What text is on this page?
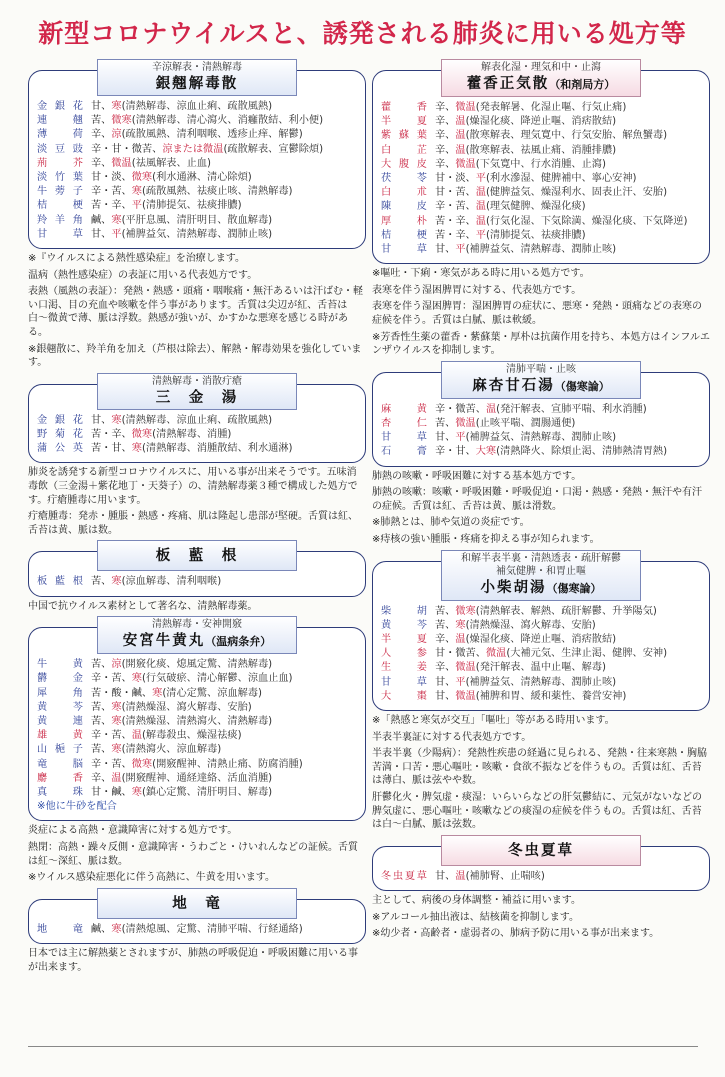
新型コロナウイルスと、誘発される肺炎に用いる処方等
辛涼解表・清熱解毒
銀翹解毒散
金銀花 甘、寒(清熱解毒、涼血止痢、疏散風熱)
連　翹 苦、微寒(清熱解毒、清心瀉火、消癰散結、利小便)
薄　荷 辛、涼(疏散風熱、清利咽喉、透疹止痒、解鬱)
淡豆豉 辛・甘・微苦、涼または微温(疏散解表、宣鬱除煩)
荊　芥 辛、微温(祛風解表、止血)
淡竹葉 甘・淡、微寒(利水通淋、清心除煩)
牛蒡子 辛・苦、寒(疏散風熱、祛痰止咳、清熱解毒)
桔　梗 苦・辛、平(清肺提気、祛痰排膿)
羚羊角 鹹、寒(平肝息風、清肝明目、散血解毒)
甘　草 甘、平(補脾益気、清熱解毒、潤肺止咳)
※『ウイルスによる熱性感染症』を治療します。
温病（熱性感染症）の表証に用いる代表処方です。
表熱（風熱の表証）：発熱・熱感・頭痛・咽喉痛・無汗あるいは汗ばむ・軽い口渇、目の充血や咳嗽を伴う事があります。舌質は尖辺が紅、舌苔は白〜微黄で薄、脈は浮数。熱感が強いが、かすかな悪寒を感じる時がある。
※銀翹散に、羚羊角を加え（芦根は除去）、解熱・解毒効果を強化しています。
清熱解毒・消散疔瘡
三　金　湯
金銀花 甘、寒(清熱解毒、涼血止痢、疏散風熱)
野菊花 苦・辛、微寒(清熱解毒、消腫)
蒲公英 苦・甘、寒(清熱解毒、消腫散結、利水通淋)
肺炎を誘発する新型コロナウイルスに、用いる事が出来そうです。五味消毒飲（三金湯＋紫花地丁・天葵子）の、清熱解毒薬３種で構成した処方です。疔瘡腫毒に用います。
疔瘡腫毒：発赤・腫脹・熱感・疼痛、肌は隆起し患部が堅硬。舌質は紅、舌苔は黄、脈は数。
板　藍　根
板藍根 苦、寒(涼血解毒、清利咽喉)
中国で抗ウイルス素材として著名な、清熱解毒薬。
清熱解毒・安神開竅
安宮牛黄丸（温病条弁）
牛　黄 苦、涼(開竅化痰、熄風定驚、清熱解毒)
欝　金 辛・苦、寒(行気破瘀、清心解鬱、涼血止血)
犀　角 苦・酸・鹹、寒(清心定驚、涼血解毒)
黄　芩 苦、寒(清熱燥湿、瀉火解毒、安胎)
黄　連 苦、寒(清熱燥湿、清熱瀉火、清熱解毒)
雄　黄 辛・苦、温(解毒殺虫、燥湿祛痰)
山梔子 苦、寒(清熱瀉火、涼血解毒)
竜　脳 辛・苦、微寒(開竅醒神、清熱止痛、防腐消腫)
麝　香 辛、温(開竅醒神、通経達絡、活血消腫)
真　珠 甘・鹹、寒(鎮心定驚、清肝明目、解毒)
※他に牛砂を配合
炎症による高熱・意識障害に対する処方です。
熱閉：高熱・躁々反側・意識障害・うわごと・けいれんなどの証候。舌質は紅〜深紅、脈は数。
※ウイルス感染症悪化に伴う高熱に、牛黄を用います。
地　竜
地　竜 鹹、寒(清熱熄風、定驚、清肺平喘、行経通絡)
日本では主に解熱薬とされますが、肺熱の呼吸促迫・呼吸困難に用いる事が出来ます。
解表化湿・理気和中・止瀉
藿香正気散（和剤局方）
藿　香 辛、微温(発表解暑、化湿止嘔、行気止痛)
半　夏 辛、温(燥湿化痰、降逆止嘔、消痞散結)
紫蘇葉 辛、温(散寒解表、理気寛中、行気安胎、解魚蟹毒)
白　芷 辛、温(散寒解表、祛風止痛、消腫排膿)
大腹皮 辛、微温(下気寛中、行水消腫、止瀉)
茯　苓 甘・淡、平(利水滲湿、健脾補中、寧心安神)
白　朮 甘・苦、温(健脾益気、燥湿利水、固表止汗、安胎)
陳　皮 辛・苦、温(理気健脾、燥湿化痰)
厚　朴 苦・辛、温(行気化湿、下気除満、燥湿化痰、下気降逆)
桔　梗 苦・辛、平(清肺提気、祛痰排膿)
甘　草 甘、平(補脾益気、清熱解毒、潤肺止咳)
※嘔吐・下痢・寒気がある時に用いる処方です。
表寒を伴う湿困脾胃に対する、代表処方です。
表寒を伴う湿困脾胃：湿困脾胃の症状に、悪寒・発熱・頭痛などの表寒の症候を伴う。舌質は白膩、脈は軟緩。
※芳香性生薬の藿香・紫蘇葉・厚朴は抗菌作用を持ち、本処方はインフルエンザウイルスを抑制します。
清肺平喘・止咳
麻杏甘石湯（傷寒論）
麻　黄 辛・微苦、温(発汗解表、宣肺平喘、利水消腫)
杏　仁 苦、微温(止咳平喘、潤腸通便)
甘　草 甘、平(補脾益気、清熱解毒、潤肺止咳)
石　膏 辛・甘、大寒(清熱降火、除煩止渇、清肺熱清胃熱)
肺熱の咳嗽・呼吸困難に対する基本処方です。
肺熱の咳嗽：咳嗽・呼吸困難・呼吸促迫・口渇・熱感・発熱・無汗や有汗の症候。舌質は紅、舌苔は黄、脈は滑数。
※肺熱とは、肺や気道の炎症です。
※痔核の強い腫脹・疼痛を抑える事が知られます。
和解半表半裏・清熱透表・疏肝解鬱
補気健脾・和胃止嘔
小柴胡湯（傷寒論）
柴　胡 苦、微寒(清熱解表、解熱、疏肝解鬱、升挙陽気)
黄　芩 苦、寒(清熱燥湿、瀉火解毒、安胎)
半　夏 辛、温(燥湿化痰、降逆止嘔、消痞散結)
人　参 甘・微苦、微温(大補元気、生津止渇、健脾、安神)
生　姜 辛、微温(発汗解表、温中止嘔、解毒)
甘　草 甘、平(補脾益気、清熱解毒、潤肺止咳)
大　棗 甘、微温(補脾和胃、緩和薬性、養営安神)
※「熱感と寒気が交互」「嘔吐」等がある時用います。
半表半裏証に対する代表処方です。
半表半裏（少陽病）：発熱性疾患の経過に見られる、発熱・往来寒熱・胸脇苦満・口苦・悪心嘔吐・咳嗽・食欲不振などを伴うもの。舌質は紅、舌苔は薄白、脈は弦やや数。
肝鬱化火・脾気虚・痰湿：いらいらなどの肝気鬱結に、元気がないなどの脾気虚に、悪心嘔吐・咳嗽などの痰湿の症候を伴うもの。舌質は紅、舌苔は白〜白膩、脈は弦数。
冬虫夏草
冬虫夏草 甘、温(補肺腎、止喘咳)
主として、病後の身体調整・補益に用います。
※アルコール抽出液は、結核菌を抑制します。
※幼少者・高齢者・虚弱者の、肺病予防に用いる事が出来ます。
